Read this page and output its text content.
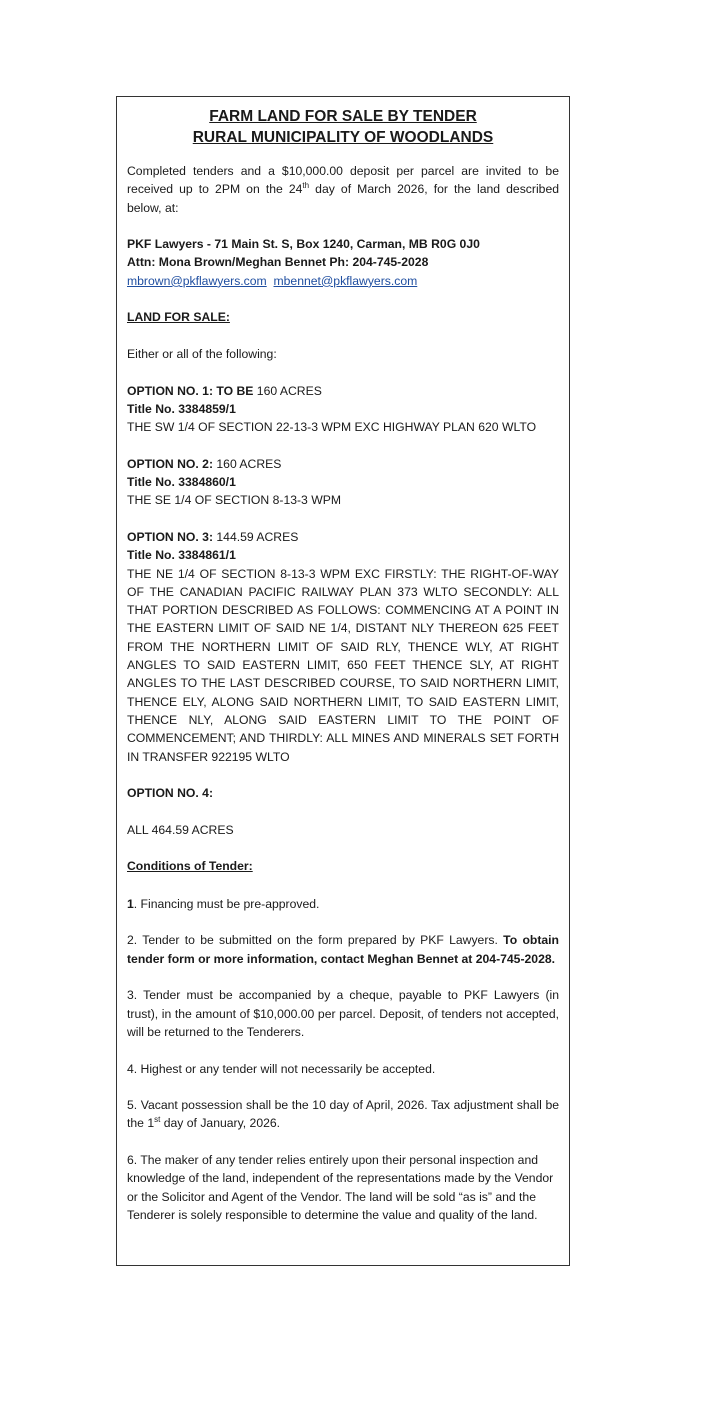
FARM LAND FOR SALE BY TENDER
RURAL MUNICIPALITY OF WOODLANDS

Completed tenders and a $10,000.00 deposit per parcel are invited to be received up to 2PM on the 24th day of March 2026, for the land described below, at:

PKF Lawyers - 71 Main St. S, Box 1240, Carman, MB R0G 0J0

Attn: Mona Brown/Meghan Bennet Ph: 204-745-2028

mbrown@pkflawyers.com mbennet@pkflawyers.com

LAND FOR SALE:

Either or all of the following:

OPTION NO. 1: TO BE 160 ACRES

Title No. 3384859/1

THE SW 1/4 OF SECTION 22-13-3 WPM EXC HIGHWAY PLAN 620 WLTO

OPTION NO. 2: 160 ACRES

Title No. 3384860/1

THE SE 1/4 OF SECTION 8-13-3 WPM

OPTION NO. 3: 144.59 ACRES

Title No. 3384861/1

THE NE 1/4 OF SECTION 8-13-3 WPM EXC FIRSTLY: THE RIGHT-OF-WAY OF THE CANADIAN PACIFIC RAILWAY PLAN 373 WLTO SECONDLY: ALL THAT PORTION DESCRIBED AS FOLLOWS: COMMENCING AT A POINT IN THE EASTERN LIMIT OF SAID NE 1/4, DISTANT NLY THEREON 625 FEET FROM THE NORTHERN LIMIT OF SAID RLY, THENCE WLY, AT RIGHT ANGLES TO SAID EASTERN LIMIT, 650 FEET THENCE SLY, AT RIGHT ANGLES TO THE LAST DESCRIBED COURSE, TO SAID NORTHERN LIMIT, THENCE ELY, ALONG SAID NORTHERN LIMIT, TO SAID EASTERN LIMIT, THENCE NLY, ALONG SAID EASTERN LIMIT TO THE POINT OF COMMENCEMENT; AND THIRDLY: ALL MINES AND MINERALS SET FORTH IN TRANSFER 922195 WLTO

OPTION NO. 4:

ALL 464.59 ACRES

Conditions of Tender:

1. Financing must be pre-approved.

2. Tender to be submitted on the form prepared by PKF Lawyers. To obtain tender form or more information, contact Meghan Bennet at 204-745-2028.

3. Tender must be accompanied by a cheque, payable to PKF Lawyers (in trust), in the amount of $10,000.00 per parcel. Deposit, of tenders not accepted, will be returned to the Tenderers.

4. Highest or any tender will not necessarily be accepted.

5. Vacant possession shall be the 10 day of April, 2026. Tax adjustment shall be the 1st day of January, 2026.

6. The maker of any tender relies entirely upon their personal inspection and knowledge of the land, independent of the representations made by the Vendor or the Solicitor and Agent of the Vendor. The land will be sold “as is” and the Tenderer is solely responsible to determine the value and quality of the land.
